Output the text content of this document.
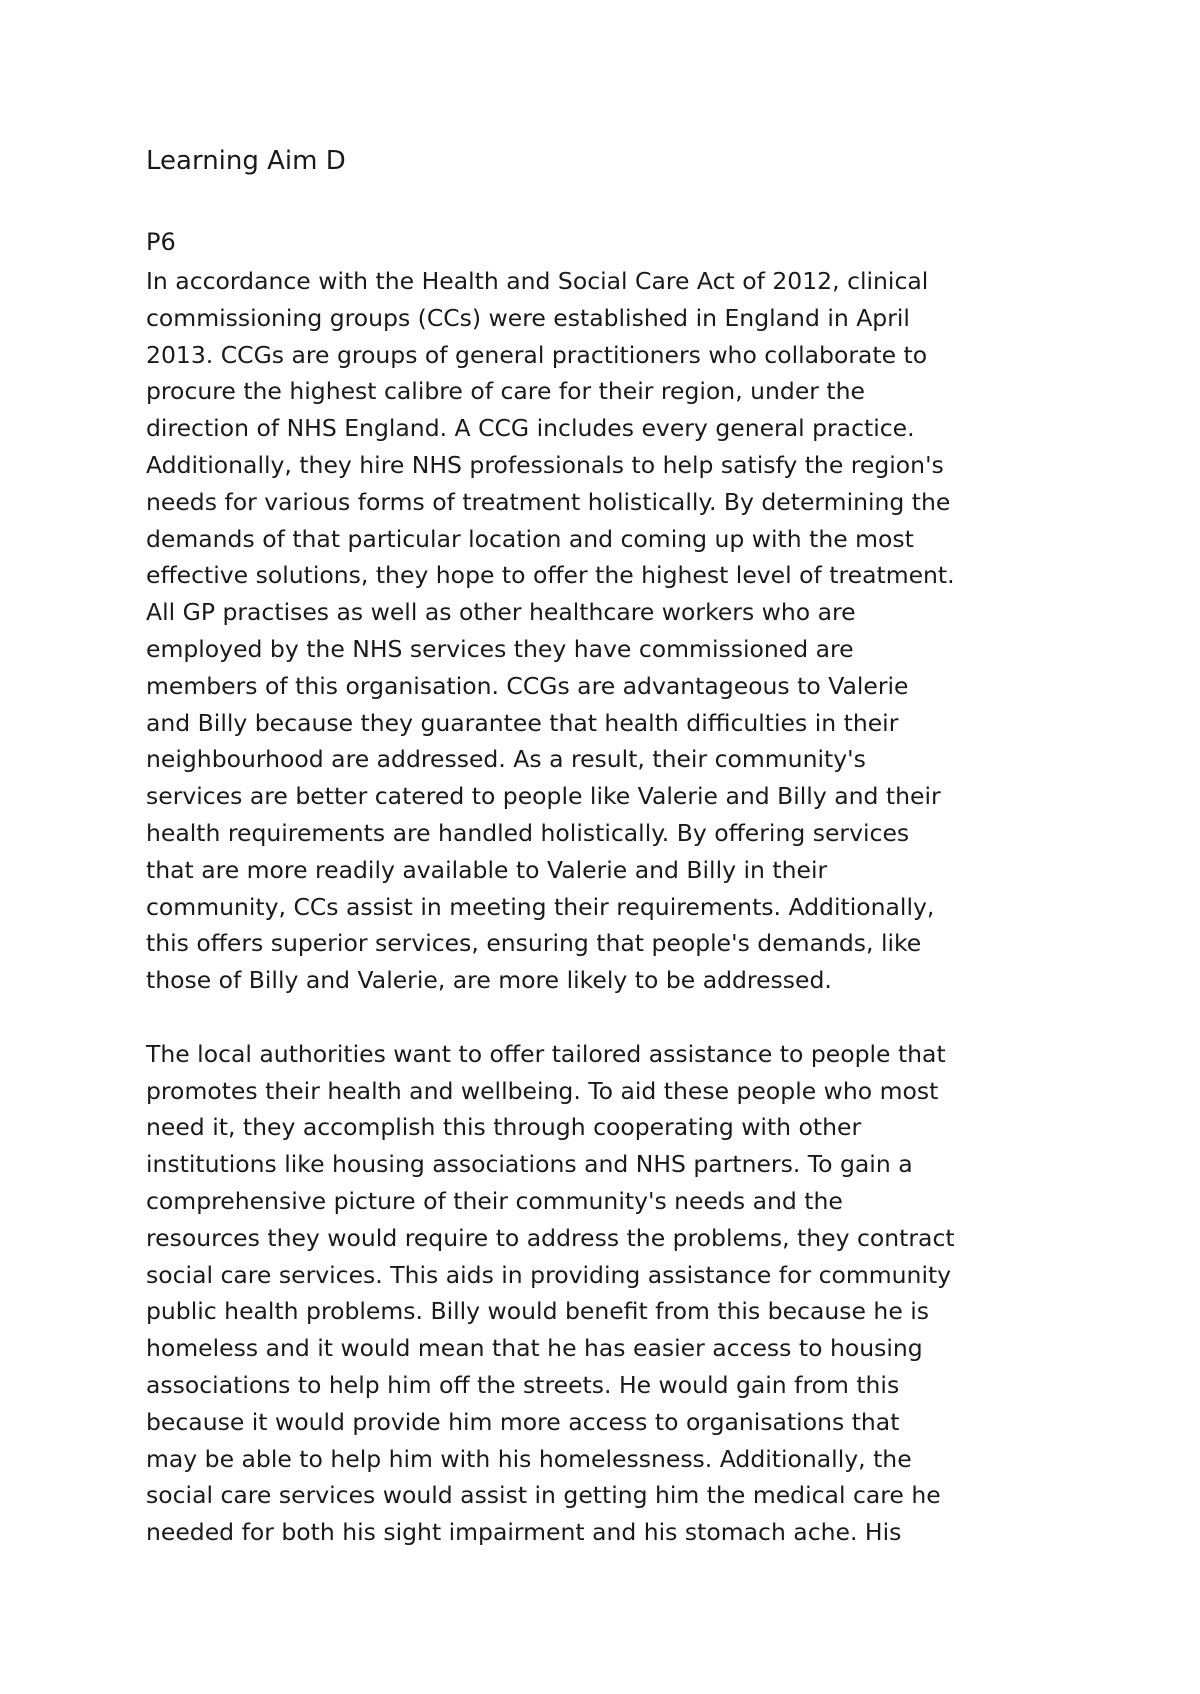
Learning Aim D
P6

In accordance with the Health and Social Care Act of 2012, clinical
commissioning groups (CCs) were established in England in April
2013. CCGs are groups of general practitioners who collaborate to
procure the highest calibre of care for their region, under the
direction of NHS England. A CCG includes every general practice.
Additionally, they hire NHS professionals to help satisfy the region's
needs for various forms of treatment holistically. By determining the
demands of that particular location and coming up with the most
effective solutions, they hope to offer the highest level of treatment.
All GP practises as well as other healthcare workers who are
employed by the NHS services they have commissioned are
members of this organisation. CCGs are advantageous to Valerie
and Billy because they guarantee that health difficulties in their
neighbourhood are addressed. As a result, their community's
services are better catered to people like Valerie and Billy and their
health requirements are handled holistically. By offering services
that are more readily available to Valerie and Billy in their
community, CCs assist in meeting their requirements. Additionally,
this offers superior services, ensuring that people's demands, like
those of Billy and Valerie, are more likely to be addressed.

The local authorities want to offer tailored assistance to people that
promotes their health and wellbeing. To aid these people who most
need it, they accomplish this through cooperating with other
institutions like housing associations and NHS partners. To gain a
comprehensive picture of their community's needs and the
resources they would require to address the problems, they contract
social care services. This aids in providing assistance for community
public health problems. Billy would benefit from this because he is
homeless and it would mean that he has easier access to housing
associations to help him off the streets. He would gain from this
because it would provide him more access to organisations that
may be able to help him with his homelessness. Additionally, the
social care services would assist in getting him the medical care he
needed for both his sight impairment and his stomach ache. His
